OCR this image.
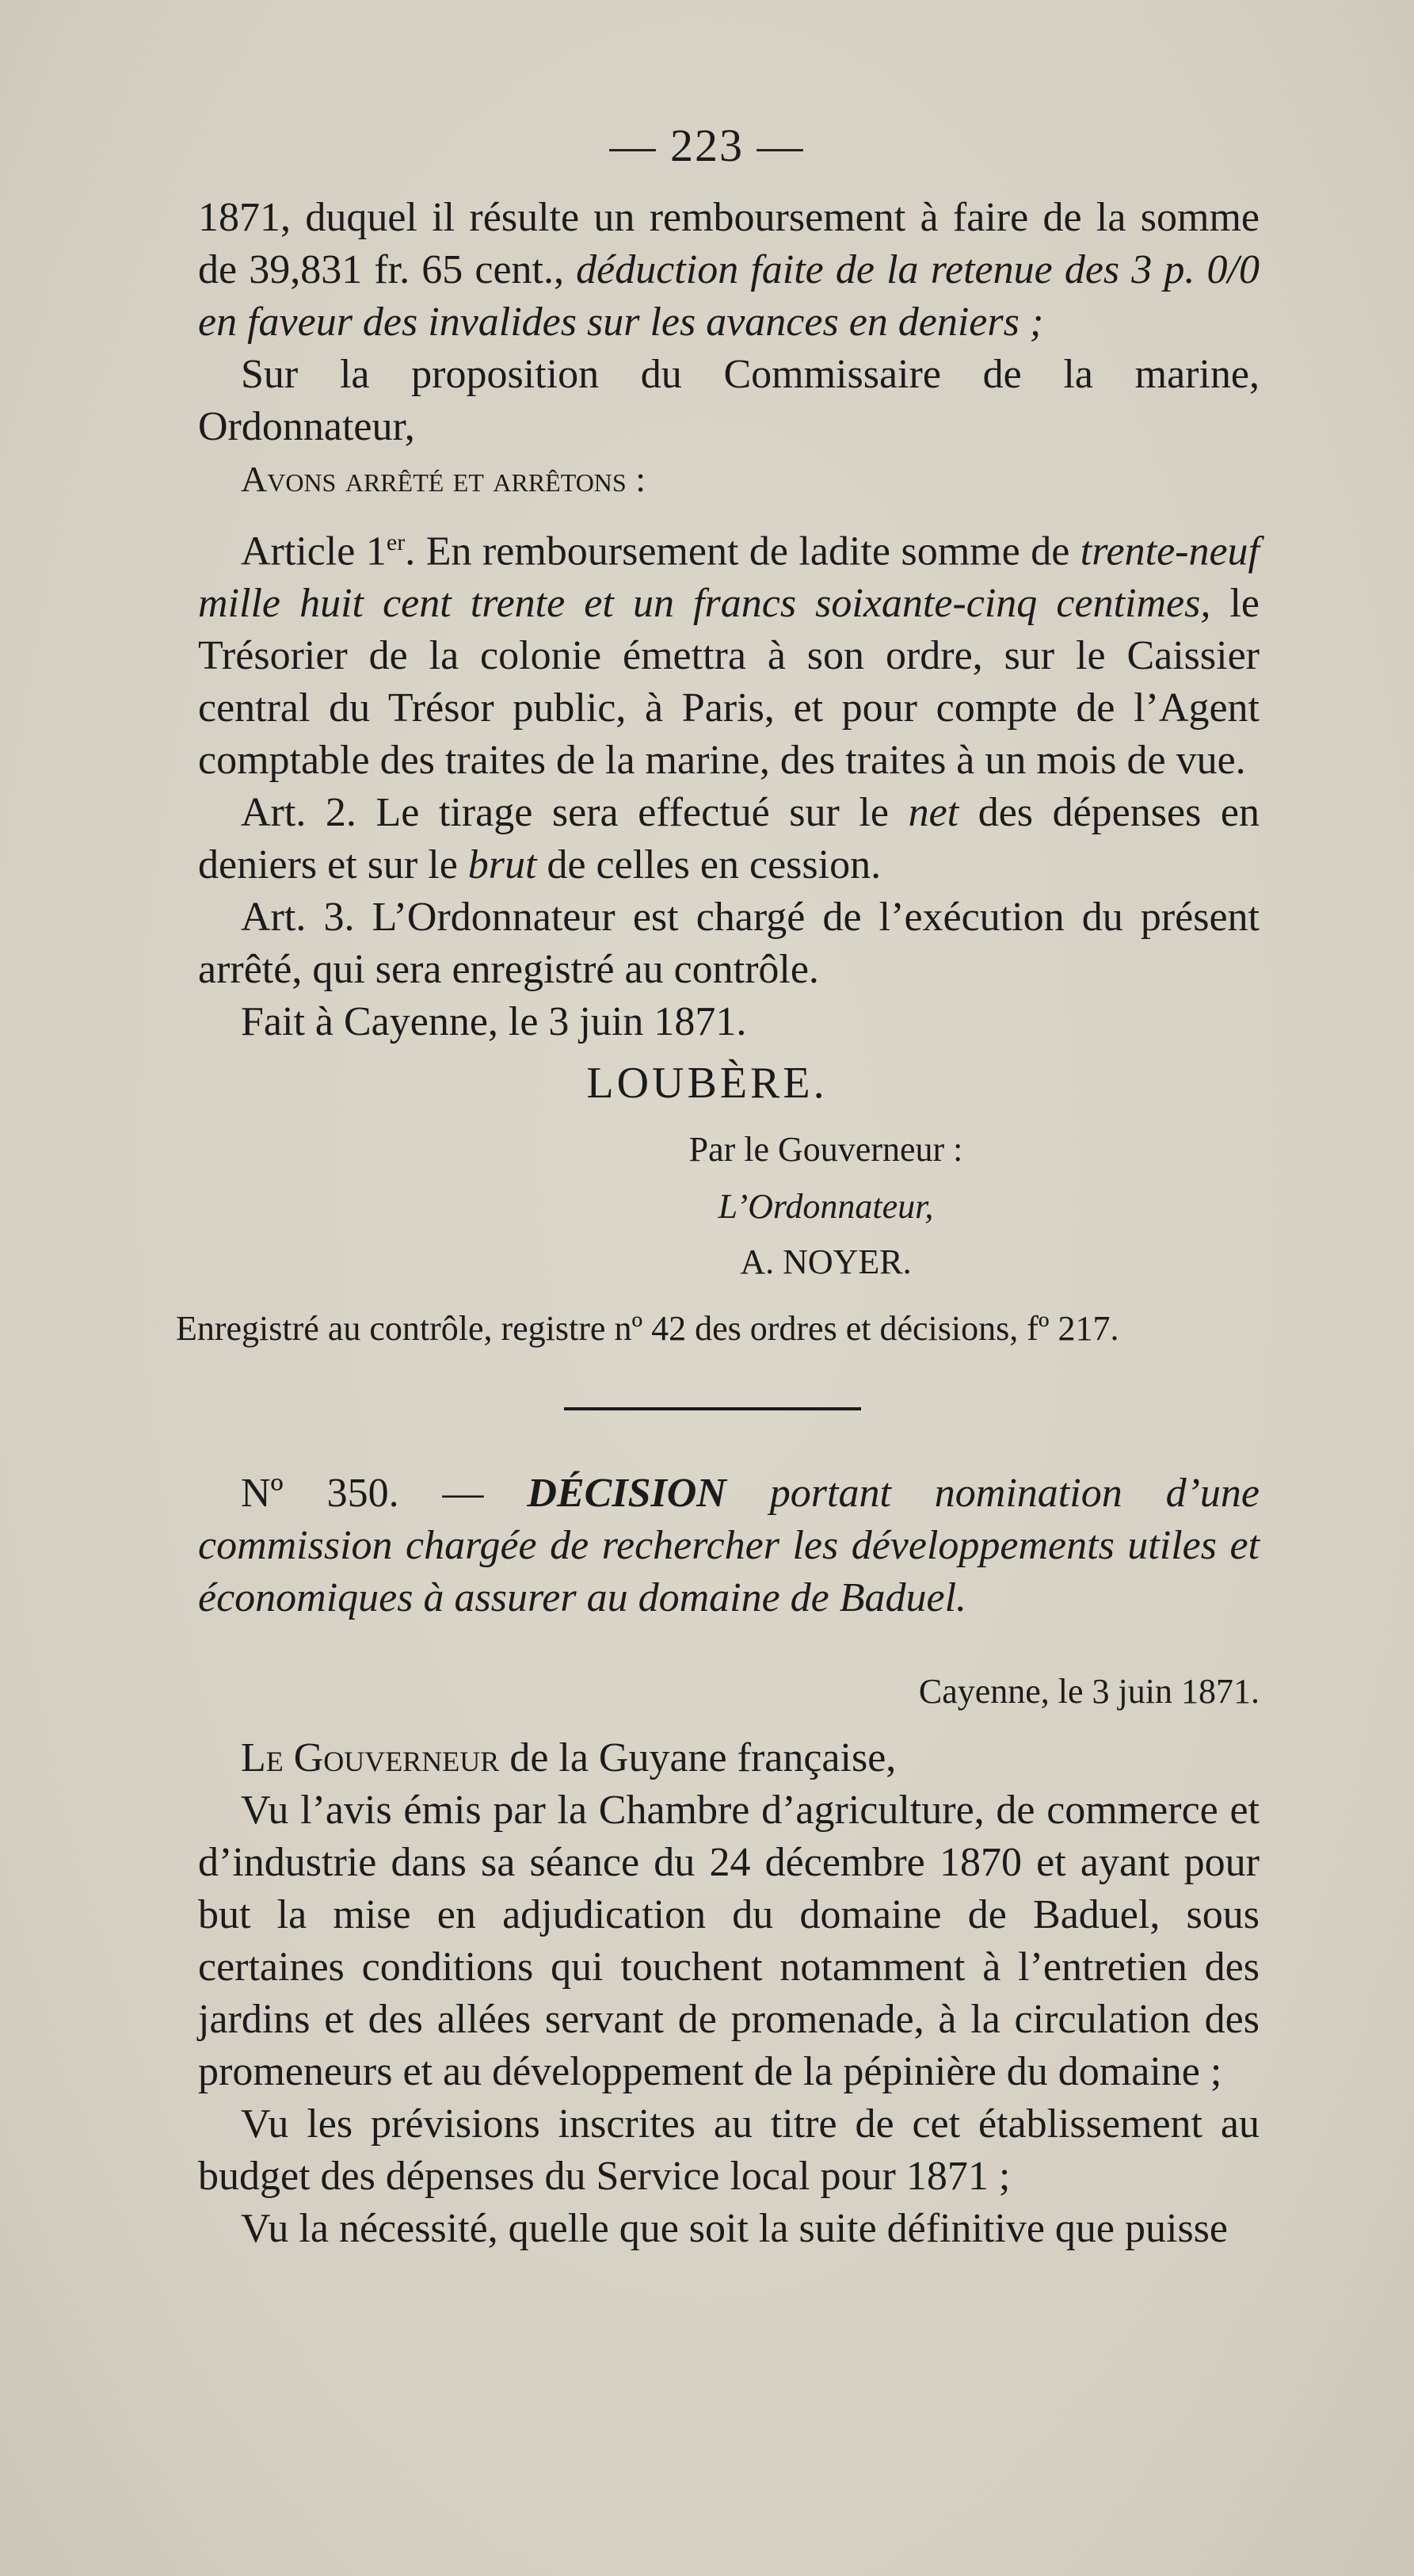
— 223 —

1871, duquel il résulte un remboursement à faire de la somme de 39,831 fr. 65 cent., déduction faite de la retenue des 3 p. 0/0 en faveur des invalides sur les avances en deniers ;

Sur la proposition du Commissaire de la marine, Ordonnateur,

Avons arrêté et arrêtons :

Article 1er. En remboursement de ladite somme de trente-neuf mille huit cent trente et un francs soixante-cinq centimes, le Trésorier de la colonie émettra à son ordre, sur le Caissier central du Trésor public, à Paris, et pour compte de l’Agent comptable des traites de la marine, des traites à un mois de vue.

Art. 2. Le tirage sera effectué sur le net des dépenses en deniers et sur le brut de celles en cession.

Art. 3. L’Ordonnateur est chargé de l’exécution du présent arrêté, qui sera enregistré au contrôle.

Fait à Cayenne, le 3 juin 1871.

LOUBÈRE.
Par le Gouverneur :
L’Ordonnateur,
A. NOYER.
Enregistré au contrôle, registre nº 42 des ordres et décisions, fº 217.

Nº 350. — DÉCISION portant nomination d’une commission chargée de rechercher les développements utiles et économiques à assurer au domaine de Baduel.

Cayenne, le 3 juin 1871.

Le Gouverneur de la Guyane française,

Vu l’avis émis par la Chambre d’agriculture, de commerce et d’industrie dans sa séance du 24 décembre 1870 et ayant pour but la mise en adjudication du domaine de Baduel, sous certaines conditions qui touchent notamment à l’entretien des jardins et des allées servant de promenade, à la circulation des promeneurs et au développement de la pépinière du domaine ;

Vu les prévisions inscrites au titre de cet établissement au budget des dépenses du Service local pour 1871 ;

Vu la nécessité, quelle que soit la suite définitive que puisse
